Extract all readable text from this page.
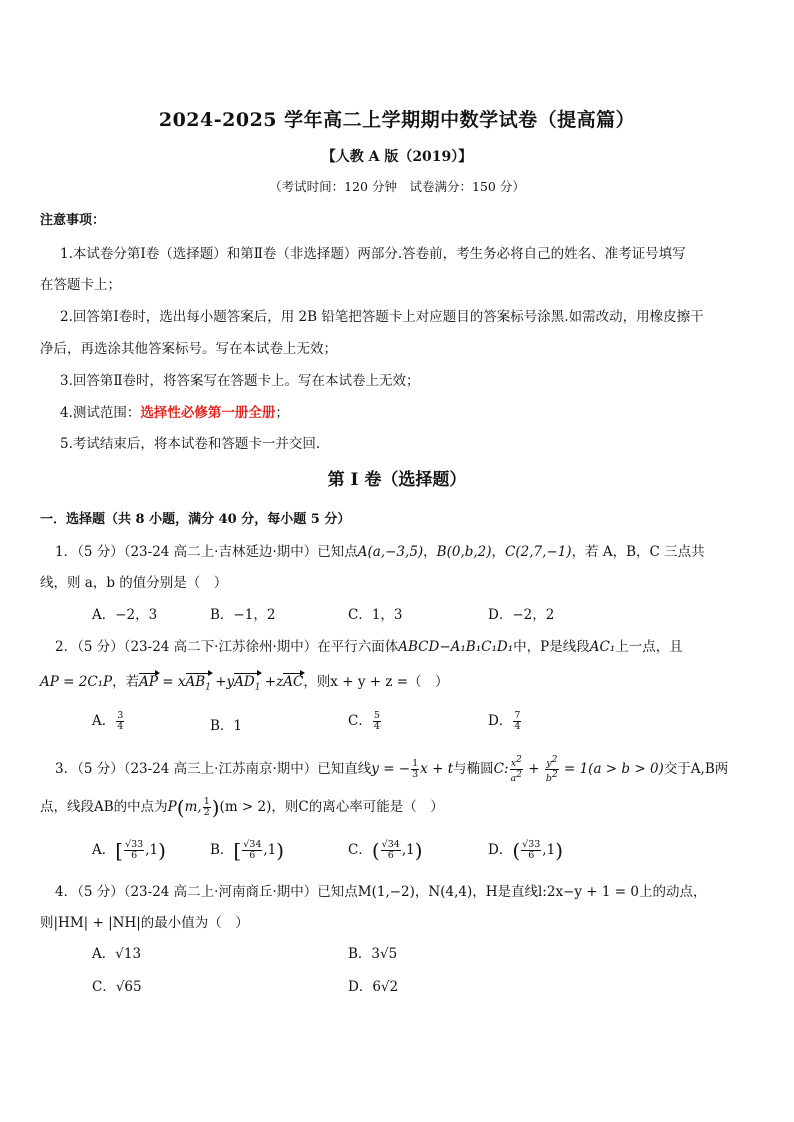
2024-2025 学年高二上学期期中数学试卷（提高篇）
【人教 A 版（2019）】
（考试时间：120 分钟　试卷满分：150 分）
注意事项：
1.本试卷分第Ⅰ卷（选择题）和第Ⅱ卷（非选择题）两部分.答卷前，考生务必将自己的姓名、准考证号填写
在答题卡上；
2.回答第Ⅰ卷时，选出每小题答案后，用 2B 铅笔把答题卡上对应题目的答案标号涂黑.如需改动，用橡皮擦干
净后，再选涂其他答案标号。写在本试卷上无效；
3.回答第Ⅱ卷时，将答案写在答题卡上。写在本试卷上无效；
4.测试范围：选择性必修第一册全册；
5.考试结束后，将本试卷和答题卡一并交回.
第 I 卷（选择题）
一．选择题（共 8 小题，满分 40 分，每小题 5 分）
1．（5 分）（23-24 高二上·吉林延边·期中）已知点A(a,−3,5)，B(0,b,2)，C(2,7,−1)，若 A，B，C 三点共
线，则 a，b 的值分别是（　）
A．−2，3	B．−1，2	C．1，3	D．−2，2
2．（5 分）（23-24 高二下·江苏徐州·期中）在平行六面体ABCD−A₁B₁C₁D₁中，P是线段AC₁上一点，且
AP = 2C₁P，若AP = xAB$_1$ +yAD$_1$ +zAC，则x + y + z =（　）
A． $\frac{3}{4}$	B．1	C． $\frac{5}{4}$	D． $\frac{7}{4}$
3．（5 分）（23-24 高三上·江苏南京·期中）已知直线y = − $\frac{1}{3}$ x + t与椭圆C: $\frac{x^2}{a^2} + \frac{y^2}{b^2} = 1(a > b > 0)$交于A,B两
点，线段AB的中点为P(m, $\frac{1}{2} )(m > 2)$，则C的离心率可能是（　）
A．[ $\frac{√33}{6} ,1$)	B．[ $\frac{√34}{6} ,1$)	C．( $\frac{√34}{6} ,1$)	D．( $\frac{√33}{6} ,1$)
4．（5 分）（23-24 高二上·河南商丘·期中）已知点M(1,−2)，N(4,4)，H是直线l:2x−y + 1 = 0上的动点，
则|HM| + |NH|的最小值为（　）
A．√13	B．3√5
C．√65	D．6√2
